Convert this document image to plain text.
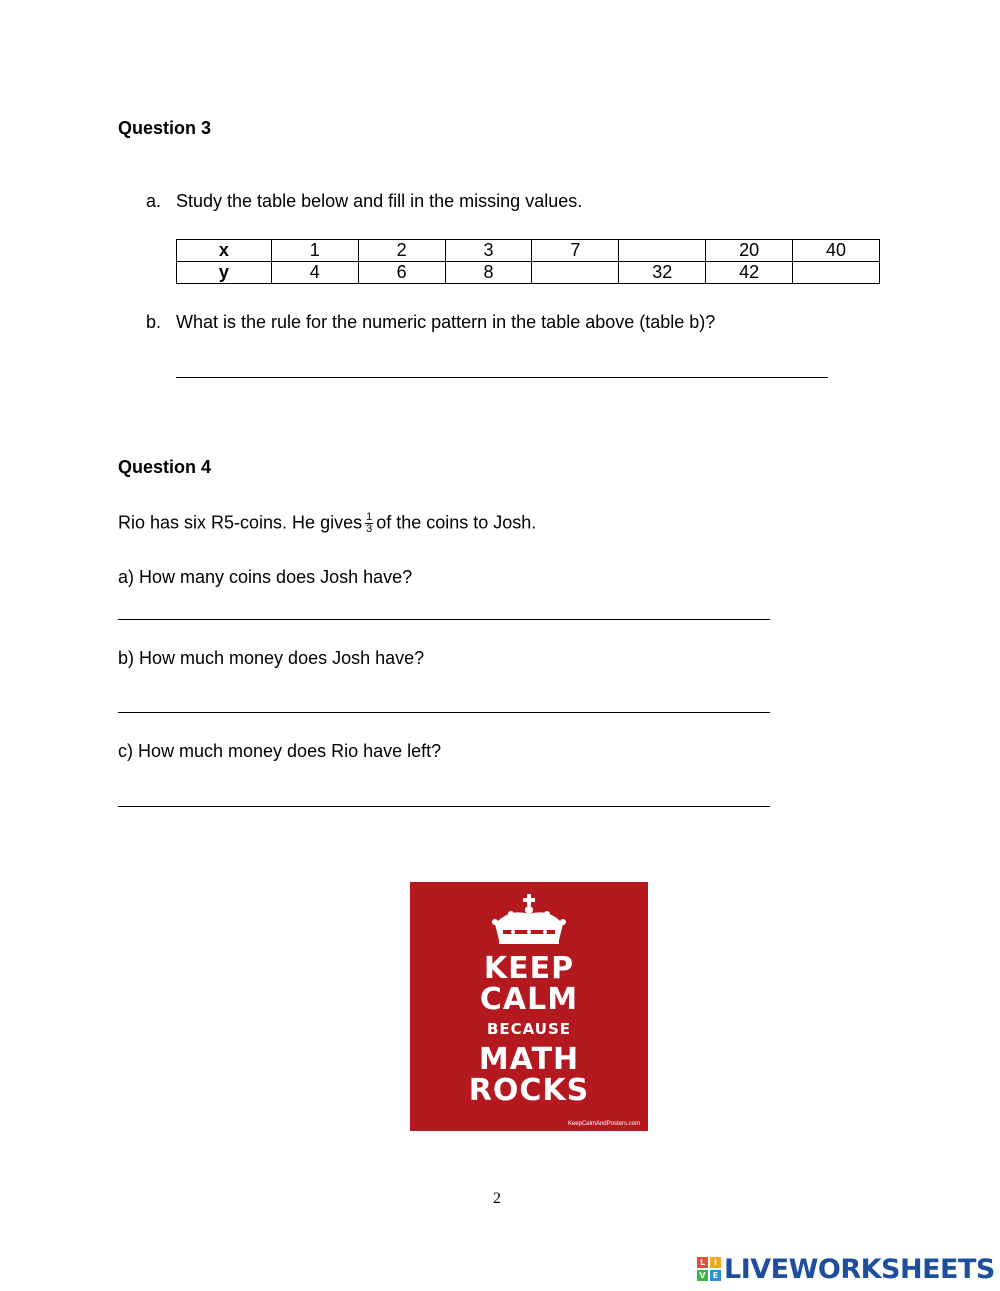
Question 3
a. Study the table below and fill in the missing values.
x	1	2	3	7		20	40
y	4	6	8		32	42	
b. What is the rule for the numeric pattern in the table above (table b)?
Question 4
Rio has six R5-coins. He gives $\frac{1}{3}$ of the coins to Josh.
a) How many coins does Josh have?
b) How much money does Josh have?
c) How much money does Rio have left?
KEEP
CALM
BECAUSE
MATH
ROCKS
KeepCalmAndPosters.com
2
L	I
V E LIVEWORKSHEETS
